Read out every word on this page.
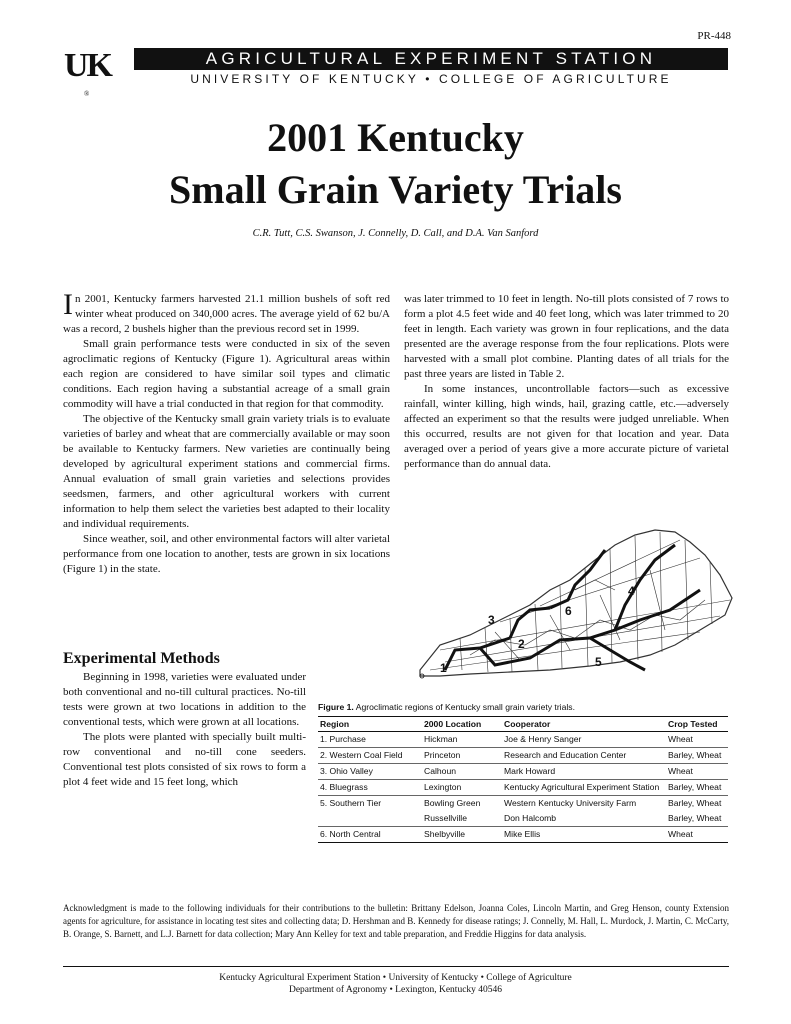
PR-448
UK
®
AGRICULTURAL EXPERIMENT STATION
UNIVERSITY OF KENTUCKY • COLLEGE OF AGRICULTURE
2001 Kentucky
Small Grain Variety Trials
C.R. Tutt, C.S. Swanson, J. Connelly, D. Call, and D.A. Van Sanford

In 2001, Kentucky farmers harvested 21.1 million bushels of soft red winter wheat produced on 340,000 acres. The average yield of 62 bu/A was a record, 2 bushels higher than the previous record set in 1999.

Small grain performance tests were conducted in six of the seven agroclimatic regions of Kentucky (Figure 1). Agricultural areas within each region are considered to have similar soil types and climatic conditions. Each region having a substantial acreage of a small grain commodity will have a trial conducted in that region for that commodity.

The objective of the Kentucky small grain variety trials is to evaluate varieties of barley and wheat that are commercially available or may soon be available to Kentucky farmers. New varieties are continually being developed by agricultural experiment stations and commercial firms. Annual evaluation of small grain varieties and selections provides seedsmen, farmers, and other agricultural workers with current information to help them select the varieties best adapted to their locality and individual requirements.

Since weather, soil, and other environmental factors will alter varietal performance from one location to another, tests are grown in six locations (Figure 1) in the state.

Experimental Methods

Beginning in 1998, varieties were evaluated under both conventional and no-till cultural practices. No-till tests were grown at two locations in addition to the conventional tests, which were grown at all locations.

The plots were planted with specially built multi-row conventional and no-till cone seeders. Conventional test plots consisted of six rows to form a plot 4 feet wide and 15 feet long, which

was later trimmed to 10 feet in length. No-till plots consisted of 7 rows to form a plot 4.5 feet wide and 40 feet long, which was later trimmed to 20 feet in length. Each variety was grown in four replications, and the data presented are the average response from the four replications. Plots were harvested with a small plot combine. Planting dates of all trials for the past three years are listed in Table 2.

In some instances, uncontrollable factors—such as excessive rainfall, winter killing, high winds, hail, grazing cattle, etc.—adversely affected an experiment so that the results were judged unreliable. When this occurred, results are not given for that location and year. Data averaged over a period of years give a more accurate picture of varietal performance than do annual data.

1
2
3
4
5
6
Figure 1. Agroclimatic regions of Kentucky small grain variety trials.
Region	2000 Location	Cooperator	Crop Tested
1. Purchase	Hickman	Joe & Henry Sanger	Wheat
2. Western Coal Field	Princeton	Research and Education Center	Barley, Wheat
3. Ohio Valley	Calhoun	Mark Howard	Wheat
4. Bluegrass	Lexington	Kentucky Agricultural Experiment Station	Barley, Wheat
5. Southern Tier	Bowling Green	Western Kentucky University Farm	Barley, Wheat
	Russellville	Don Halcomb	Barley, Wheat
6. North Central	Shelbyville	Mike Ellis	Wheat
Acknowledgment is made to the following individuals for their contributions to the bulletin: Brittany Edelson, Joanna Coles, Lincoln Martin, and Greg Henson, county Extension agents for agriculture, for assistance in locating test sites and collecting data; D. Hershman and B. Kennedy for disease ratings; J. Connelly, M. Hall, L. Murdock, J. Martin, C. McCarty, B. Orange, S. Barnett, and L.J. Barnett for data collection; Mary Ann Kelley for text and table preparation, and Freddie Higgins for data analysis.
Kentucky Agricultural Experiment Station • University of Kentucky • College of Agriculture
Department of Agronomy • Lexington, Kentucky 40546
